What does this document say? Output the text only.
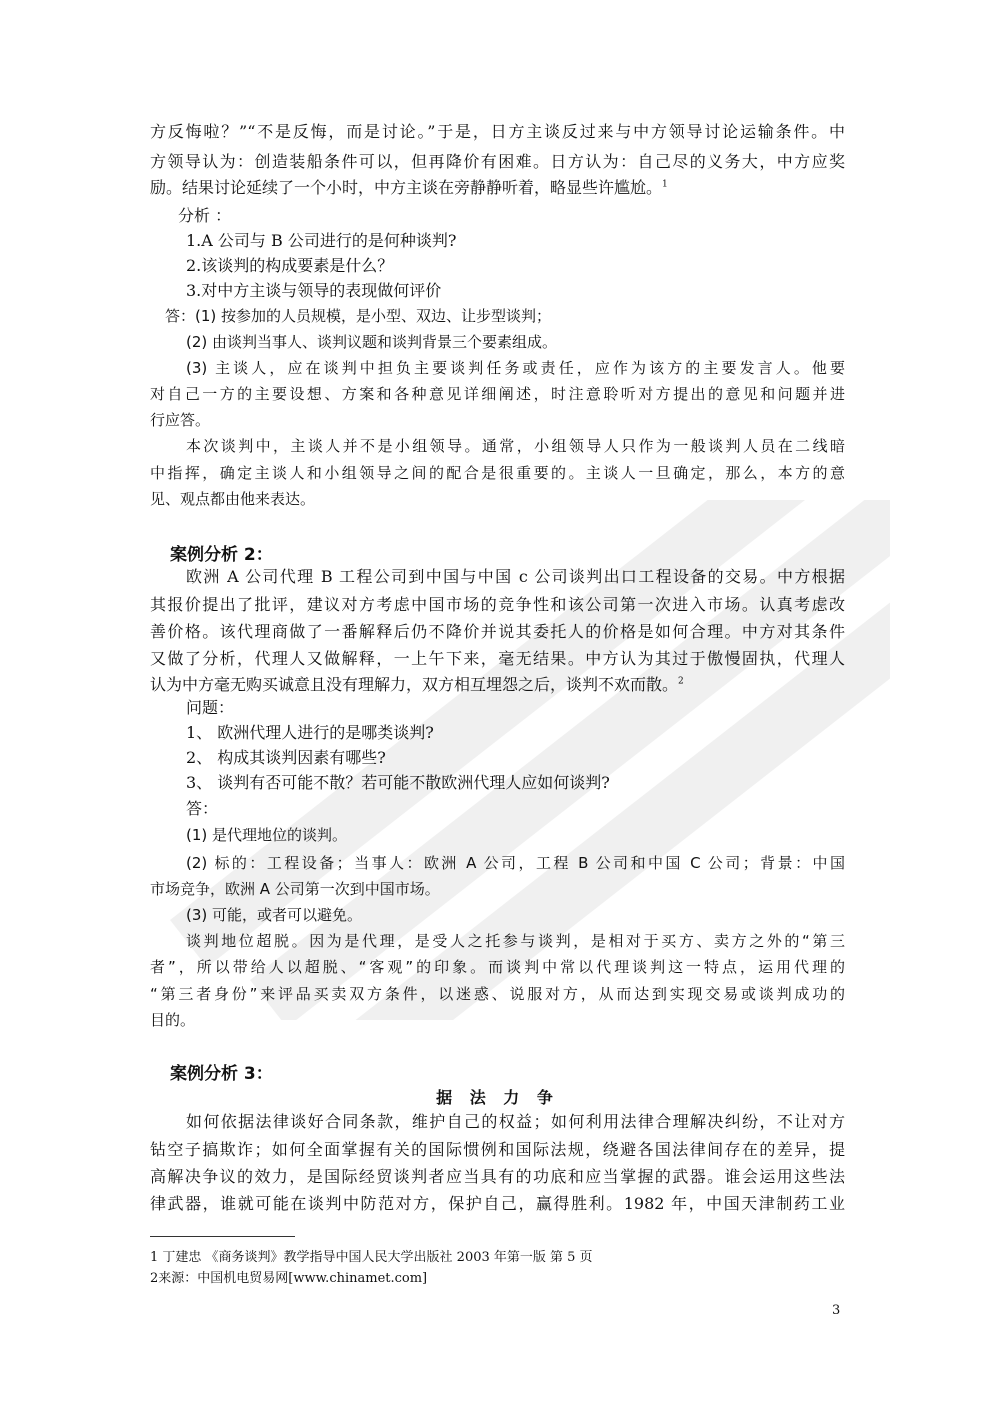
方反悔啦？”“不是反悔，而是讨论。”于是，日方主谈反过来与中方领导讨论运输条件。中
方领导认为：创造装船条件可以，但再降价有困难。日方认为：自己尽的义务大，中方应奖
励。结果讨论延续了一个小时，中方主谈在旁静静听着，略显些许尴尬。$^1$
分析 ：
1.A 公司与 B 公司进行的是何种谈判?
2.该谈判的构成要素是什么？
3.对中方主谈与领导的表现做何评价
答：(1) 按参加的人员规模，是小型、双边、让步型谈判；
(2) 由谈判当事人、谈判议题和谈判背景三个要素组成。
(3) 主谈人，应在谈判中担负主要谈判任务或责任，应作为该方的主要发言人。他要
对自己一方的主要设想、方案和各种意见详细阐述，时注意聆听对方提出的意见和问题并进
行应答。
本次谈判中，主谈人并不是小组领导。通常，小组领导人只作为一般谈判人员在二线暗
中指挥，确定主谈人和小组领导之间的配合是很重要的。主谈人一旦确定，那么，本方的意
见、观点都由他来表达。
案例分析 2：
欧洲 A 公司代理 B 工程公司到中国与中国 c 公司谈判出口工程设备的交易。中方根据
其报价提出了批评，建议对方考虑中国市场的竞争性和该公司第一次进入市场。认真考虑改
善价格。该代理商做了一番解释后仍不降价并说其委托人的价格是如何合理。中方对其条件
又做了分析，代理人又做解释，一上午下来，毫无结果。中方认为其过于傲慢固执，代理人
认为中方毫无购买诚意且没有理解力，双方相互埋怨之后，谈判不欢而散。$^2$
问题：
1、 欧洲代理人进行的是哪类谈判?
2、 构成其谈判因素有哪些?
3、 谈判有否可能不散？若可能不散欧洲代理人应如何谈判?
答：
(1) 是代理地位的谈判。
(2) 标的：工程设备；当事人：欧洲 A 公司，工程 B 公司和中国 C 公司；背景：中国
市场竞争，欧洲 A 公司第一次到中国市场。
(3) 可能，或者可以避免。
谈判地位超脱。因为是代理，是受人之托参与谈判，是相对于买方、卖方之外的“第三
者”，所以带给人以超脱、“客观”的印象。而谈判中常以代理谈判这一特点，运用代理的
“第三者身份”来评品买卖双方条件，以迷惑、说服对方，从而达到实现交易或谈判成功的
目的。
案例分析 3：
据 法 力 争
如何依据法律谈好合同条款，维护自己的权益；如何利用法律合理解决纠纷，不让对方
钻空子搞欺诈；如何全面掌握有关的国际惯例和国际法规，绕避各国法律间存在的差异，提
高解决争议的效力，是国际经贸谈判者应当具有的功底和应当掌握的武器。谁会运用这些法
律武器，谁就可能在谈判中防范对方，保护自己，赢得胜利。1982 年，中国天津制药工业
1 丁建忠 《商务谈判》教学指导中国人民大学出版社 2003 年第一版 第 5 页
2来源：中国机电贸易网[www.chinamet.com]
3
